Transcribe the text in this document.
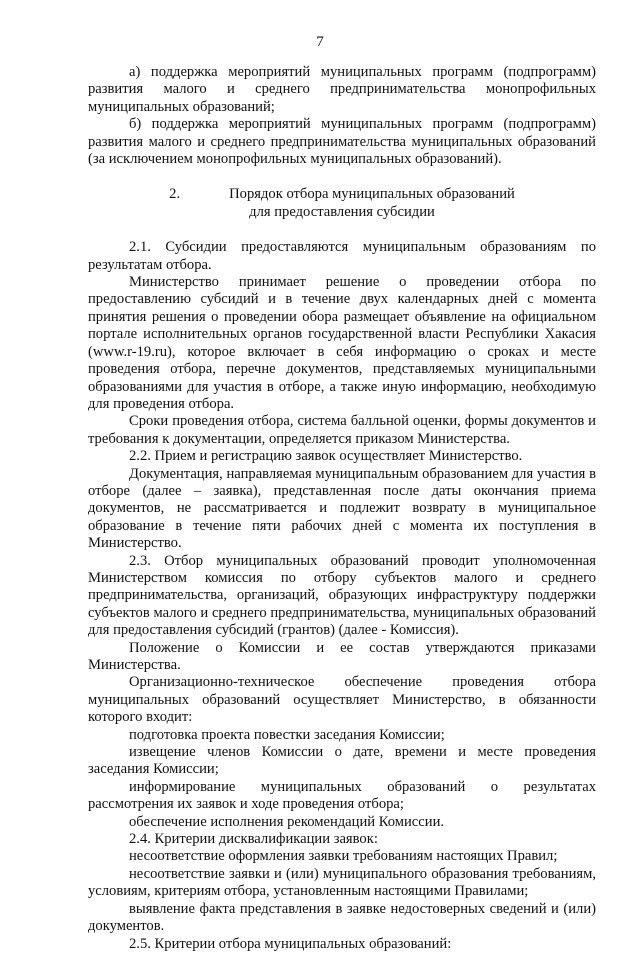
7

а) поддержка мероприятий муниципальных программ (подпрограмм) развития малого и среднего предпринимательства монопрофильных муниципальных образований;

б) поддержка мероприятий муниципальных программ (подпрограмм) развития малого и среднего предпринимательства муниципальных образований (за исключением монопрофильных муниципальных образований).

2.	Порядок отбора муниципальных образований

для предоставления субсидии

2.1. Субсидии предоставляются муниципальным образованиям по результатам отбора.

Министерство принимает решение о проведении отбора по предоставлению субсидий и в течение двух календарных дней с момента принятия решения о проведении обора размещает объявление на официальном портале исполнительных органов государственной власти Республики Хакасия (www.r-19.ru), которое включает в себя информацию о сроках и месте проведения отбора, перечне документов, представляемых муниципальными образованиями для участия в отборе, а также иную информацию, необходимую для проведения отбора.

Сроки проведения отбора, система балльной оценки, формы документов и требования к документации, определяется приказом Министерства.

2.2. Прием и регистрацию заявок осуществляет Министерство.

Документация, направляемая муниципальным образованием для участия в отборе (далее – заявка), представленная после даты окончания приема документов, не рассматривается и подлежит возврату в муниципальное образование в течение пяти рабочих дней с момента их поступления в Министерство.

2.3. Отбор муниципальных образований проводит уполномоченная Министерством комиссия по отбору субъектов малого и среднего предпринимательства, организаций, образующих инфраструктуру поддержки субъектов малого и среднего предпринимательства, муниципальных образований для предоставления субсидий (грантов) (далее - Комиссия).

Положение о Комиссии и ее состав утверждаются приказами Министерства.

Организационно-техническое обеспечение проведения отбора муниципальных образований осуществляет Министерство, в обязанности которого входит:

подготовка проекта повестки заседания Комиссии;

извещение членов Комиссии о дате, времени и месте проведения заседания Комиссии;

информирование муниципальных образований о результатах рассмотрения их заявок и ходе проведения отбора;

обеспечение исполнения рекомендаций Комиссии.

2.4. Критерии дисквалификации заявок:

несоответствие оформления заявки требованиям настоящих Правил;

несоответствие заявки и (или) муниципального образования требованиям, условиям, критериям отбора, установленным настоящими Правилами;

выявление факта представления в заявке недостоверных сведений и (или) документов.

2.5. Критерии отбора муниципальных образований:
